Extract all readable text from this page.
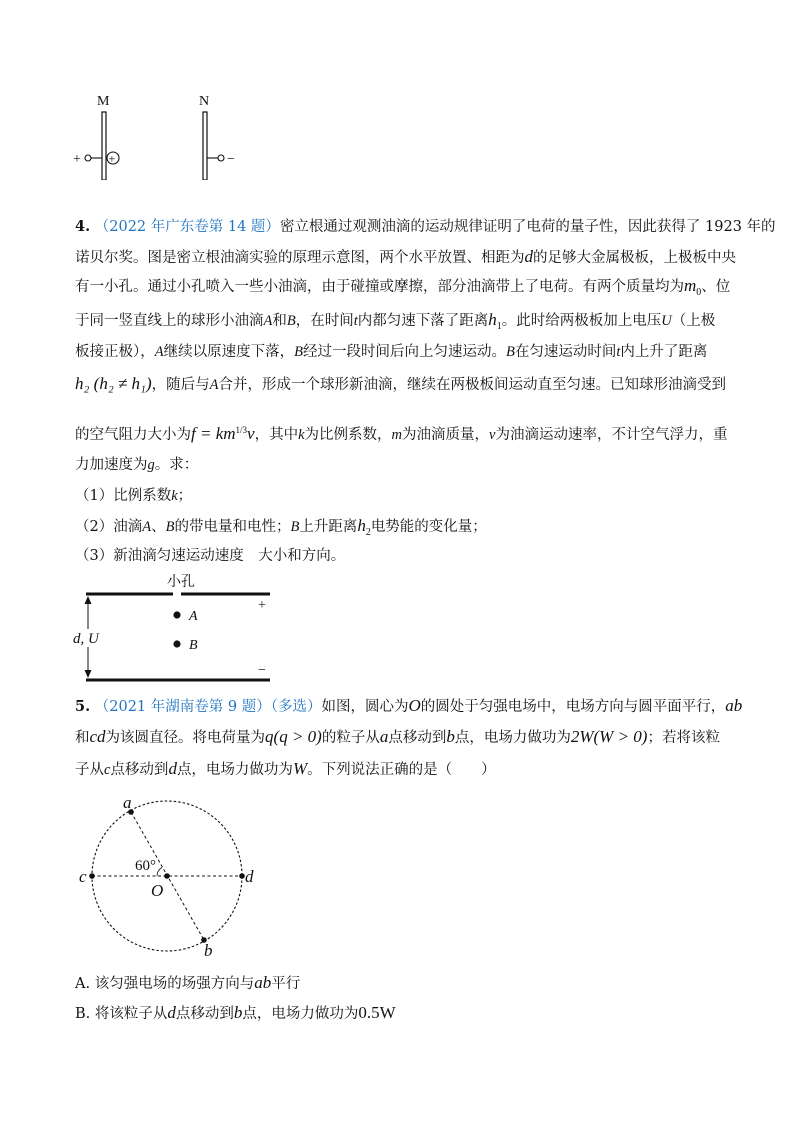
M	N
+ +	−
4. （2022 年广东卷第 14 题）密立根通过观测油滴的运动规律证明了电荷的量子性，因此获得了 1923 年的
诺贝尔奖。图是密立根油滴实验的原理示意图，两个水平放置、相距为d的足够大金属极板，上极板中央
有一小孔。通过小孔喷入一些小油滴，由于碰撞或摩擦，部分油滴带上了电荷。有两个质量均为$m_0$、位
于同一竖直线上的球形小油滴A和B，在时间t内都匀速下落了距离$h_1$。此时给两极板加上电压U（上极
板接正极），A继续以原速度下落，B经过一段时间后向上匀速运动。B在匀速运动时间t内上升了距离
h₂ (h₂ ≠ h₁)，随后与A合并，形成一个球形新油滴，继续在两极板间运动直至匀速。已知球形油滴受到
的空气阻力大小为$f = km^{1/3}v$，其中k为比例系数，m为油滴质量，v为油滴运动速率，不计空气浮力，重
力加速度为g。求：
（1）比例系数k；
（2）油滴A、B的带电量和电性；B上升距离$h_2$电势能的变化量；
（3）新油滴匀速运动速度　大小和方向。
小孔
+
−
d, U
A
B
5. （2021 年湖南卷第 9 题）（多选）如图，圆心为O的圆处于匀强电场中，电场方向与圆平面平行，ab
和cd为该圆直径。将电荷量为q(q > 0)的粒子从a点移动到b点，电场力做功为2W(W > 0)；若将该粒
子从c点移动到d点，电场力做功为W。下列说法正确的是（　　）
a
b
c	d
O
60°
A. 该匀强电场的场强方向与ab平行
B. 将该粒子从d点移动到b点，电场力做功为0.5W
